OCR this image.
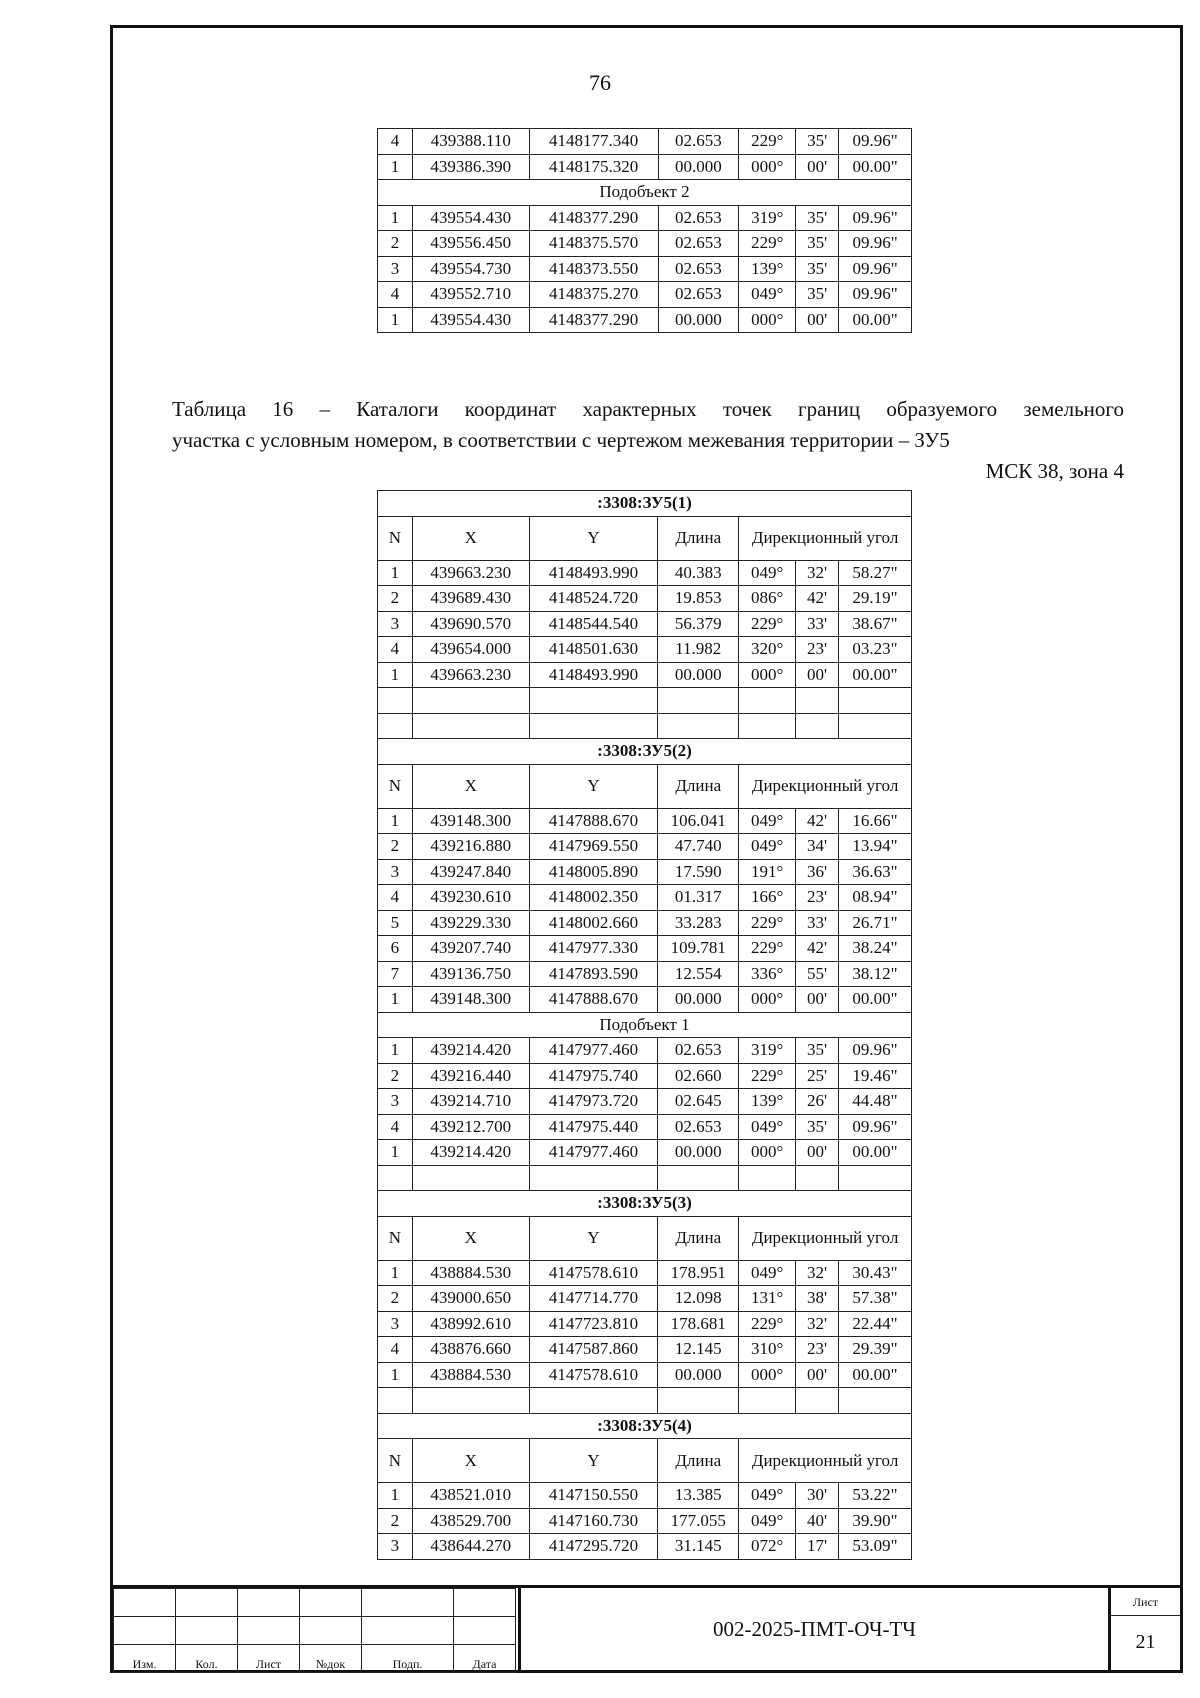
76
4	439388.110	4148177.340	02.653	229°	35'	09.96"
1	439386.390	4148175.320	00.000	000°	00'	00.00"
Подобъект 2						
1	439554.430	4148377.290	02.653	319°	35'	09.96"
2	439556.450	4148375.570	02.653	229°	35'	09.96"
3	439554.730	4148373.550	02.653	139°	35'	09.96"
4	439552.710	4148375.270	02.653	049°	35'	09.96"
1	439554.430	4148377.290	00.000	000°	00'	00.00"
Таблица 16 – Каталоги координат характерных точек границ образуемого земельного
участка с условным номером, в соответствии с чертежом межевания территории – ЗУ5
МСК 38, зона 4
:3308:ЗУ5(1)						
N	X	Y	Длина	Дирекционный угол		
1	439663.230	4148493.990	40.383	049°	32'	58.27"
2	439689.430	4148524.720	19.853	086°	42'	29.19"
3	439690.570	4148544.540	56.379	229°	33'	38.67"
4	439654.000	4148501.630	11.982	320°	23'	03.23"
1	439663.230	4148493.990	00.000	000°	00'	00.00"

:3308:ЗУ5(2)						
N	X	Y	Длина	Дирекционный угол		
1	439148.300	4147888.670	106.041	049°	42'	16.66"
2	439216.880	4147969.550	47.740	049°	34'	13.94"
3	439247.840	4148005.890	17.590	191°	36'	36.63"
4	439230.610	4148002.350	01.317	166°	23'	08.94"
5	439229.330	4148002.660	33.283	229°	33'	26.71"
6	439207.740	4147977.330	109.781	229°	42'	38.24"
7	439136.750	4147893.590	12.554	336°	55'	38.12"
1	439148.300	4147888.670	00.000	000°	00'	00.00"
Подобъект 1						
1	439214.420	4147977.460	02.653	319°	35'	09.96"
2	439216.440	4147975.740	02.660	229°	25'	19.46"
3	439214.710	4147973.720	02.645	139°	26'	44.48"
4	439212.700	4147975.440	02.653	049°	35'	09.96"
1	439214.420	4147977.460	00.000	000°	00'	00.00"

:3308:ЗУ5(3)						
N	X	Y	Длина	Дирекционный угол		
1	438884.530	4147578.610	178.951	049°	32'	30.43"
2	439000.650	4147714.770	12.098	131°	38'	57.38"
3	438992.610	4147723.810	178.681	229°	32'	22.44"
4	438876.660	4147587.860	12.145	310°	23'	29.39"
1	438884.530	4147578.610	00.000	000°	00'	00.00"

:3308:ЗУ5(4)						
N	X	Y	Длина	Дирекционный угол		
1	438521.010	4147150.550	13.385	049°	30'	53.22"
2	438529.700	4147160.730	177.055	049°	40'	39.90"
3	438644.270	4147295.720	31.145	072°	17'	53.09"

Изм.	Кол.	Лист	№док	Подп.	Дата
002-2025-ПМТ-ОЧ-ТЧ
Лист
21
